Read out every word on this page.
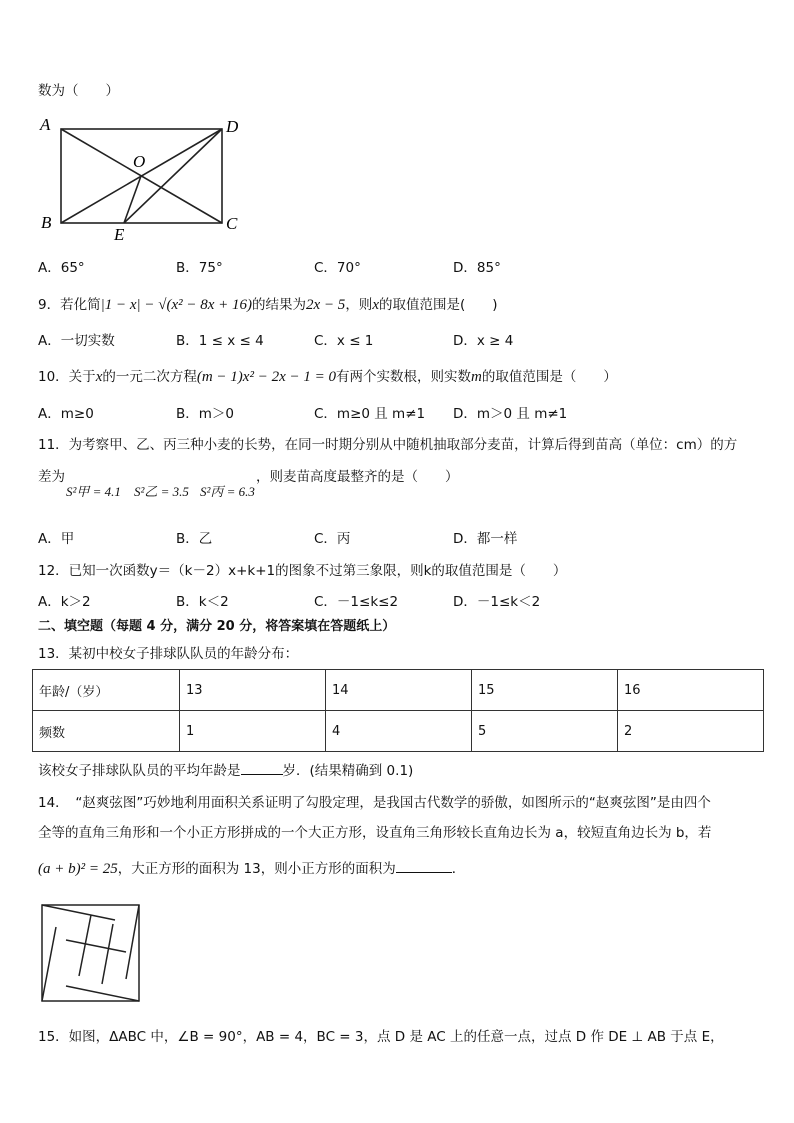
数为（　　）
A	D
B	C
O
E
A．65°	B．75°	C．70°	D．85°
9．若化简|1 − x| − √(x² − 8x + 16)的结果为2x − 5，则x的取值范围是(　　)
A．一切实数	B．1 ≤ x ≤ 4	C．x ≤ 1	D．x ≥ 4
10．关于x的一元二次方程(m − 1)x² − 2x − 1 = 0有两个实数根，则实数m的取值范围是（　　）
A．m≥0	B．m＞0	C．m≥0 且 m≠1 D．m＞0 且 m≠1
11．为考察甲、乙、丙三种小麦的长势，在同一时期分别从中随机抽取部分麦苗，计算后得到苗高（单位：cm）的方
差为
S²甲 = 4.1 S²乙 = 3.5 S²丙 = 6.3
，则麦苗高度最整齐的是（　　）
A．甲	B．乙	C．丙	D．都一样
12．已知一次函数y＝（k－2）x+k+1的图象不过第三象限，则k的取值范围是（　　）
A．k＞2	B．k＜2	C．－1≤k≤2	D．－1≤k＜2
二、填空题（每题 4 分，满分 20 分，将答案填在答题纸上）
13．某初中校女子排球队队员的年龄分布：
年龄/（岁）	13	14	15	16
频数	1	4	5	2
该校女子排球队队员的平均年龄是	岁．(结果精确到 0.1)
14．　“赵爽弦图”巧妙地利用面积关系证明了勾股定理，是我国古代数学的骄傲，如图所示的“赵爽弦图”是由四个
全等的直角三角形和一个小正方形拼成的一个大正方形，设直角三角形较长直角边长为 a，较短直角边长为 b，若
(a + b)² = 25，大正方形的面积为 13，则小正方形的面积为	．
15．如图，ΔABC 中，∠B = 90°，AB = 4，BC = 3，点 D 是 AC 上的任意一点，过点 D 作 DE ⊥ AB 于点 E，
